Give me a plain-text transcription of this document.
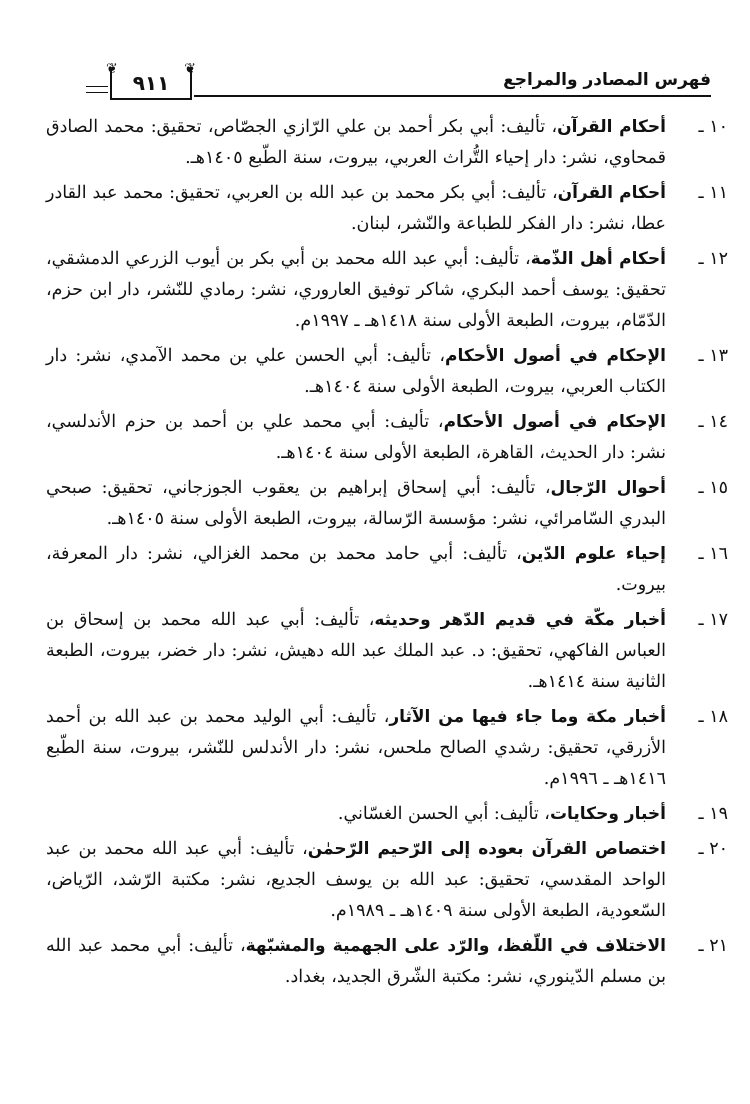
فهرس المصادر والمراجع
❦	❦
٩١١
١٠ ـ
أحكام القرآن، تأليف: أبي بكر أحمد بن علي الرّازي الجصّاص، تحقيق: محمد الصادق قمحاوي، نشر: دار إحياء التُّراث العربي، بيروت، سنة الطّبع ١٤٠٥هـ.
١١ ـ
أحكام القرآن، تأليف: أبي بكر محمد بن عبد الله بن العربي، تحقيق: محمد عبد القادر عطا، نشر: دار الفكر للطباعة والنّشر، لبنان.
١٢ ـ
أحكام أهل الذّمة، تأليف: أبي عبد الله محمد بن أبي بكر بن أيوب الزرعي الدمشقي، تحقيق: يوسف أحمد البكري، شاكر توفيق العاروري، نشر: رمادي للنّشر، دار ابن حزم، الدّمّام، بيروت، الطبعة الأولى سنة ١٤١٨هـ ـ ١٩٩٧م.
١٣ ـ
الإحكام في أصول الأحكام، تأليف: أبي الحسن علي بن محمد الآمدي، نشر: دار الكتاب العربي، بيروت، الطبعة الأولى سنة ١٤٠٤هـ.
١٤ ـ
الإحكام في أصول الأحكام، تأليف: أبي محمد علي بن أحمد بن حزم الأندلسي، نشر: دار الحديث، القاهرة، الطبعة الأولى سنة ١٤٠٤هـ.
١٥ ـ
أحوال الرّجال، تأليف: أبي إسحاق إبراهيم بن يعقوب الجوزجاني، تحقيق: صبحي البدري السّامرائي، نشر: مؤسسة الرّسالة، بيروت، الطبعة الأولى سنة ١٤٠٥هـ.
١٦ ـ
إحياء علوم الدّين، تأليف: أبي حامد محمد بن محمد الغزالي، نشر: دار المعرفة، بيروت.
١٧ ـ
أخبار مكّة في قديم الدّهر وحديثه، تأليف: أبي عبد الله محمد بن إسحاق بن العباس الفاكهي، تحقيق: د. عبد الملك عبد الله دهيش، نشر: دار خضر، بيروت، الطبعة الثانية سنة ١٤١٤هـ.
١٨ ـ
أخبار مكة وما جاء فيها من الآثار، تأليف: أبي الوليد محمد بن عبد الله بن أحمد الأزرقي، تحقيق: رشدي الصالح ملحس، نشر: دار الأندلس للنّشر، بيروت، سنة الطّبع ١٤١٦هـ ـ ١٩٩٦م.
١٩ ـ
أخبار وحكايات، تأليف: أبي الحسن الغسّاني.
٢٠ ـ
اختصاص القرآن بعوده إلى الرّحيم الرّحمٰن، تأليف: أبي عبد الله محمد بن عبد الواحد المقدسي، تحقيق: عبد الله بن يوسف الجديع، نشر: مكتبة الرّشد، الرّياض، السّعودية، الطبعة الأولى سنة ١٤٠٩هـ ـ ١٩٨٩م.
٢١ ـ
الاختلاف في اللّفظ، والرّد على الجهمية والمشبّهة، تأليف: أبي محمد عبد الله بن مسلم الدّينوري، نشر: مكتبة الشّرق الجديد، بغداد.
